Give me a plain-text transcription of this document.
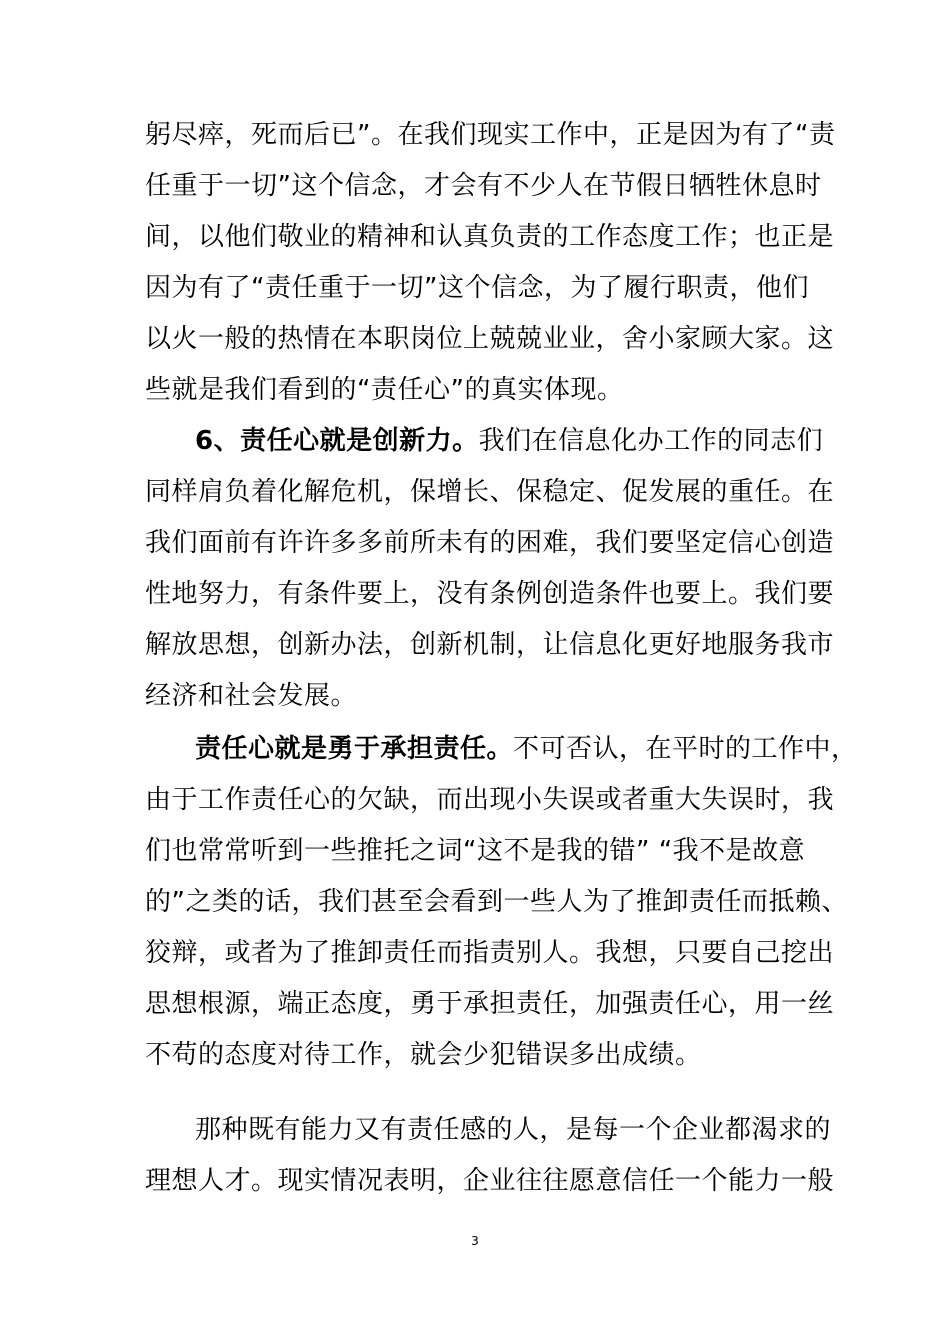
躬尽瘁，死而后已”。在我们现实工作中，正是因为有了“责
任重于一切”这个信念，才会有不少人在节假日牺牲休息时
间，以他们敬业的精神和认真负责的工作态度工作；也正是
因为有了“责任重于一切”这个信念，为了履行职责，他们
以火一般的热情在本职岗位上兢兢业业，舍小家顾大家。这
些就是我们看到的“责任心”的真实体现。
6、责任心就是创新力。我们在信息化办工作的同志们
同样肩负着化解危机，保增长、保稳定、促发展的重任。在
我们面前有许许多多前所未有的困难，我们要坚定信心创造
性地努力，有条件要上，没有条例创造条件也要上。我们要
解放思想，创新办法，创新机制，让信息化更好地服务我市
经济和社会发展。
责任心就是勇于承担责任。不可否认，在平时的工作中，
由于工作责任心的欠缺，而出现小失误或者重大失误时，我
们也常常听到一些推托之词“这不是我的错” “我不是故意
的”之类的话，我们甚至会看到一些人为了推卸责任而抵赖、
狡辩，或者为了推卸责任而指责别人。我想，只要自己挖出
思想根源，端正态度，勇于承担责任，加强责任心，用一丝
不苟的态度对待工作，就会少犯错误多出成绩。
那种既有能力又有责任感的人，是每一个企业都渴求的
理想人才。现实情况表明，企业往往愿意信任一个能力一般
3
